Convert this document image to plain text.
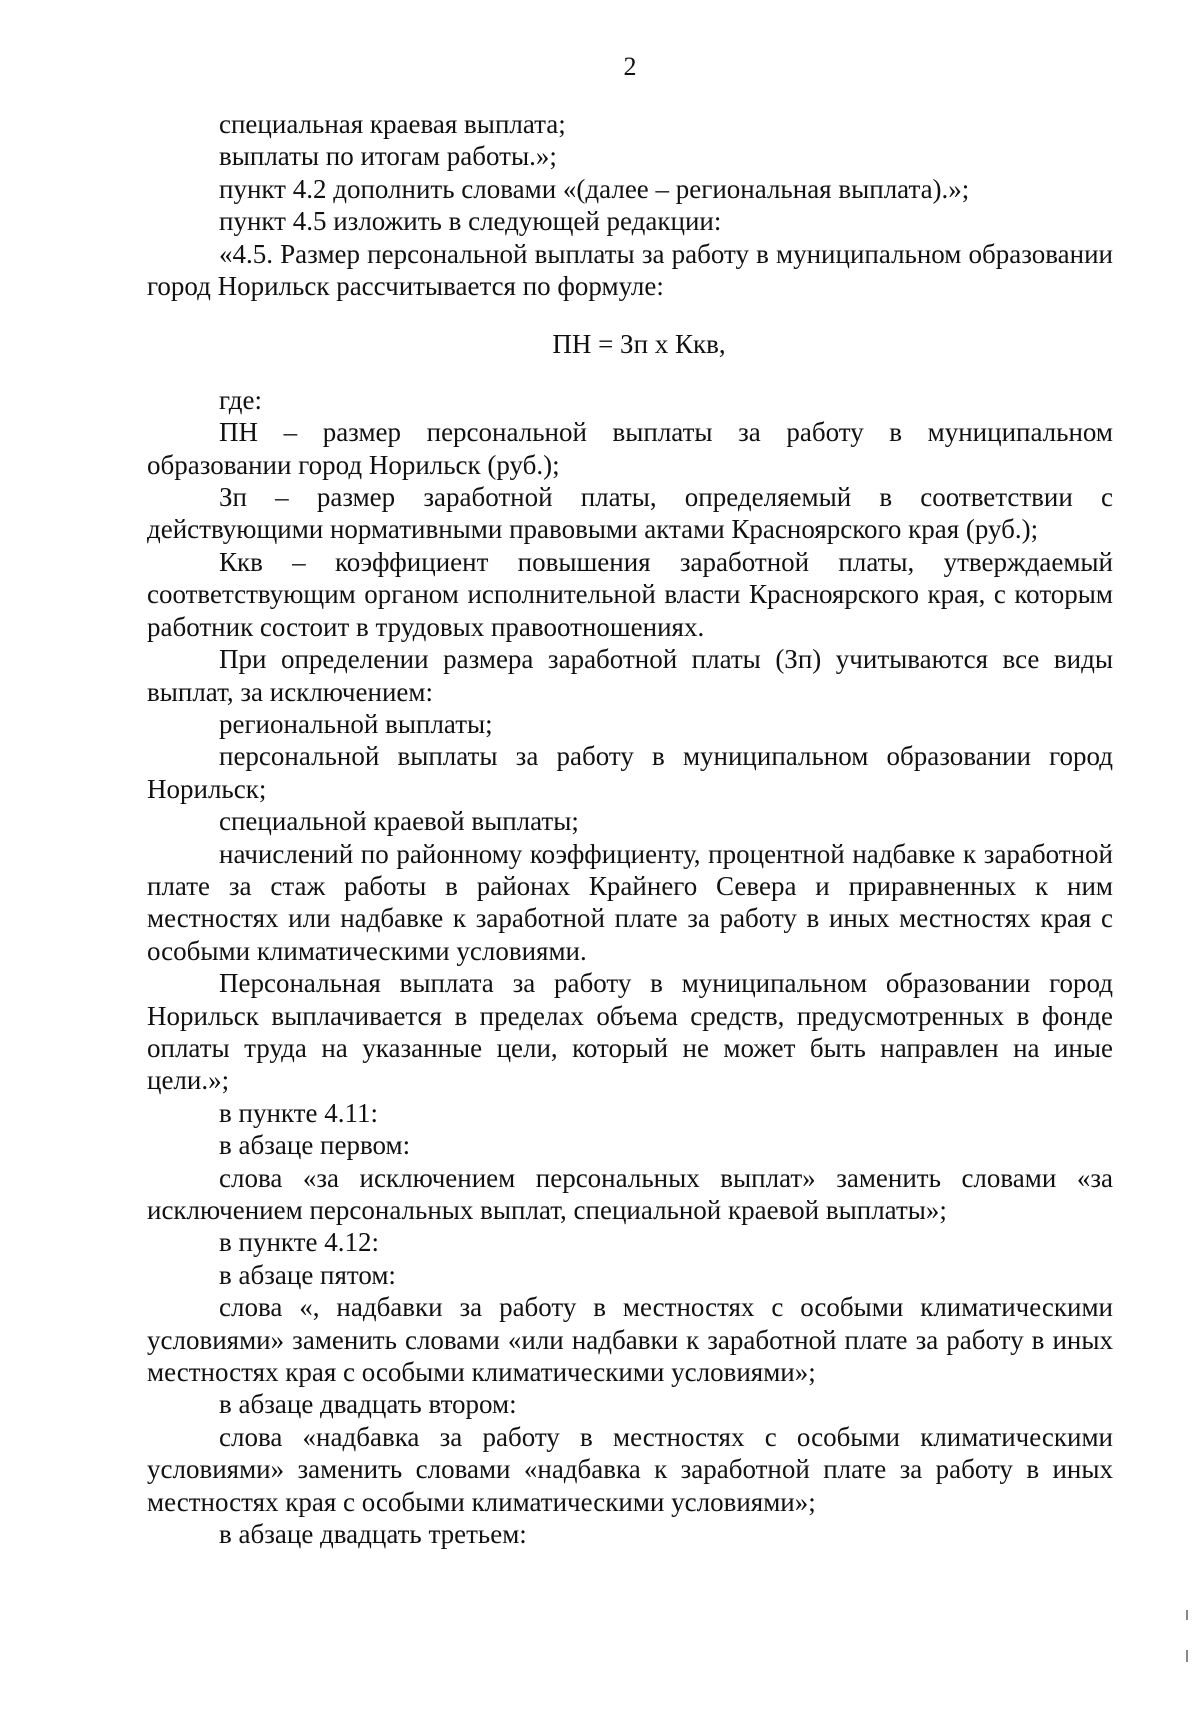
2

специальная краевая выплата;

выплаты по итогам работы.»;

пункт 4.2 дополнить словами «(далее – региональная выплата).»;

пункт 4.5 изложить в следующей редакции:

«4.5. Размер персональной выплаты за работу в муниципальном образовании город Норильск рассчитывается по формуле:

ПН = Зп х Ккв,

где:

ПН – размер персональной выплаты за работу в муниципальном образовании город Норильск (руб.);

Зп – размер заработной платы, определяемый в соответствии с действующими нормативными правовыми актами Красноярского края (руб.);

Ккв – коэффициент повышения заработной платы, утверждаемый соответствующим органом исполнительной власти Красноярского края, с которым работник состоит в трудовых правоотношениях.

При определении размера заработной платы (Зп) учитываются все виды выплат, за исключением:

региональной выплаты;

персональной выплаты за работу в муниципальном образовании город Норильск;

специальной краевой выплаты;

начислений по районному коэффициенту, процентной надбавке к заработной плате за стаж работы в районах Крайнего Севера и приравненных к ним местностях или надбавке к заработной плате за работу в иных местностях края с особыми климатическими условиями.

Персональная выплата за работу в муниципальном образовании город Норильск выплачивается в пределах объема средств, предусмотренных в фонде оплаты труда на указанные цели, который не может быть направлен на иные цели.»;

в пункте 4.11:

в абзаце первом:

слова «за исключением персональных выплат» заменить словами «за исключением персональных выплат, специальной краевой выплаты»;

в пункте 4.12:

в абзаце пятом:

слова «, надбавки за работу в местностях с особыми климатическими условиями» заменить словами «или надбавки к заработной плате за работу в иных местностях края с особыми климатическими условиями»;

в абзаце двадцать втором:

слова «надбавка за работу в местностях с особыми климатическими условиями» заменить словами «надбавка к заработной плате за работу в иных местностях края с особыми климатическими условиями»;

в абзаце двадцать третьем:
